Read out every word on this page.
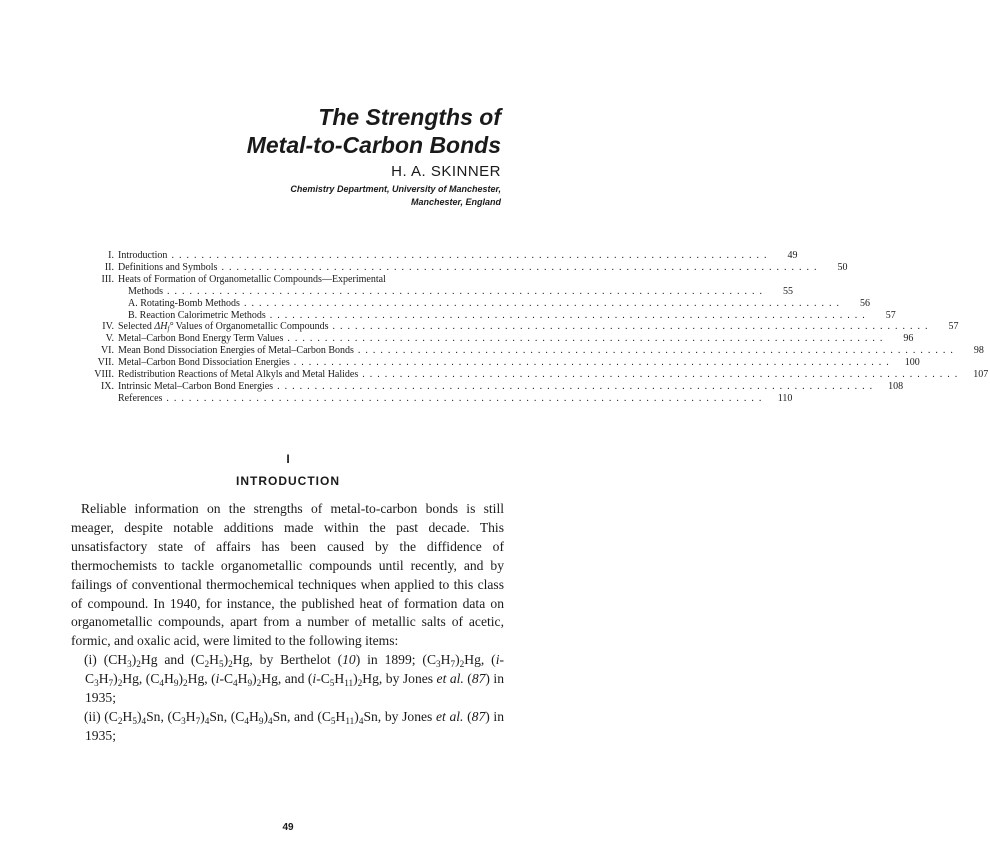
The Strengths of
Metal-to-Carbon Bonds
H. A. SKINNER
Chemistry Department, University of Manchester,
Manchester, England
I. Introduction ................................................................................	49
II. Definitions and Symbols ................................................................................	50
III. Heats of Formation of Organometallic Compounds—Experimental
Methods ................................................................................	55
A. Rotating-Bomb Methods ................................................................................	56
B. Reaction Calorimetric Methods ................................................................................	57
IV. Selected $\Delta H_f^\circ$ Values of Organometallic Compounds ................................................................................	57
V. Metal–Carbon Bond Energy Term Values ................................................................................	96
VI. Mean Bond Dissociation Energies of Metal–Carbon Bonds ................................................................................	98
VII. Metal–Carbon Bond Dissociation Energies ................................................................................	100
VIII. Redistribution Reactions of Metal Alkyls and Metal Halides ................................................................................	107
IX. Intrinsic Metal–Carbon Bond Energies ................................................................................	108
References ................................................................................	110
I
INTRODUCTION

Reliable information on the strengths of metal-to-carbon bonds is still meager, despite notable additions made within the past decade. This unsatisfactory state of affairs has been caused by the diffidence of thermochemists to tackle organometallic compounds until recently, and by failings of conventional thermochemical techniques when applied to this class of compound. In 1940, for instance, the published heat of formation data on organometallic compounds, apart from a number of metallic salts of acetic, formic, and oxalic acid, were limited to the following items:

(i) $(CH_3)_2Hg$ and $(C_2H_5)_2Hg$, by Berthelot (10) in 1899; $(C_3H_7)_2Hg$, $(i-C_3H_7)_2Hg$, $(C_4H_9)_2Hg$, $(i-C_4H_9)_2Hg$, and $(i-C_5H_{11})_2Hg$, by Jones et al. (87) in 1935;

(ii) $(C_2H_5)_4Sn$, $(C_3H_7)_4Sn$, $(C_4H_9)_4Sn$, and $(C_5H_{11})_4Sn$, by Jones et al. (87) in 1935;

49
